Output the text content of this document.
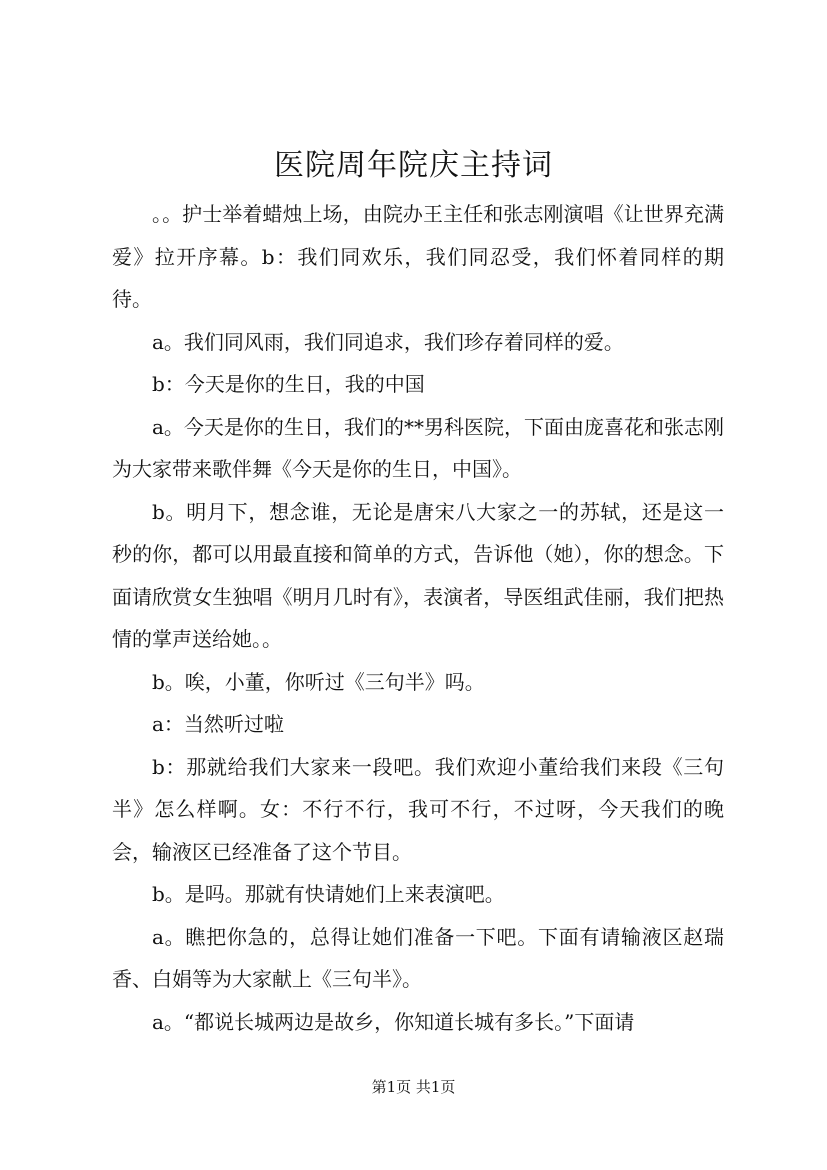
医院周年院庆主持词

。。护士举着蜡烛上场，由院办王主任和张志刚演唱《让世界充满爱》拉开序幕。b：我们同欢乐，我们同忍受，我们怀着同样的期待。

a。我们同风雨，我们同追求，我们珍存着同样的爱。

b：今天是你的生日，我的中国

a。今天是你的生日，我们的**男科医院，下面由庞喜花和张志刚为大家带来歌伴舞《今天是你的生日，中国》。

b。明月下，想念谁，无论是唐宋八大家之一的苏轼，还是这一秒的你，都可以用最直接和简单的方式，告诉他（她），你的想念。下面请欣赏女生独唱《明月几时有》，表演者，导医组武佳丽，我们把热情的掌声送给她。。

b。唉，小董，你听过《三句半》吗。

a：当然听过啦

b：那就给我们大家来一段吧。我们欢迎小董给我们来段《三句半》怎么样啊。女：不行不行，我可不行，不过呀，今天我们的晚会，输液区已经准备了这个节目。

b。是吗。那就有快请她们上来表演吧。

a。瞧把你急的，总得让她们准备一下吧。下面有请输液区赵瑞香、白娟等为大家献上《三句半》。

a。“都说长城两边是故乡，你知道长城有多长。”下面请

第1页 共1页
